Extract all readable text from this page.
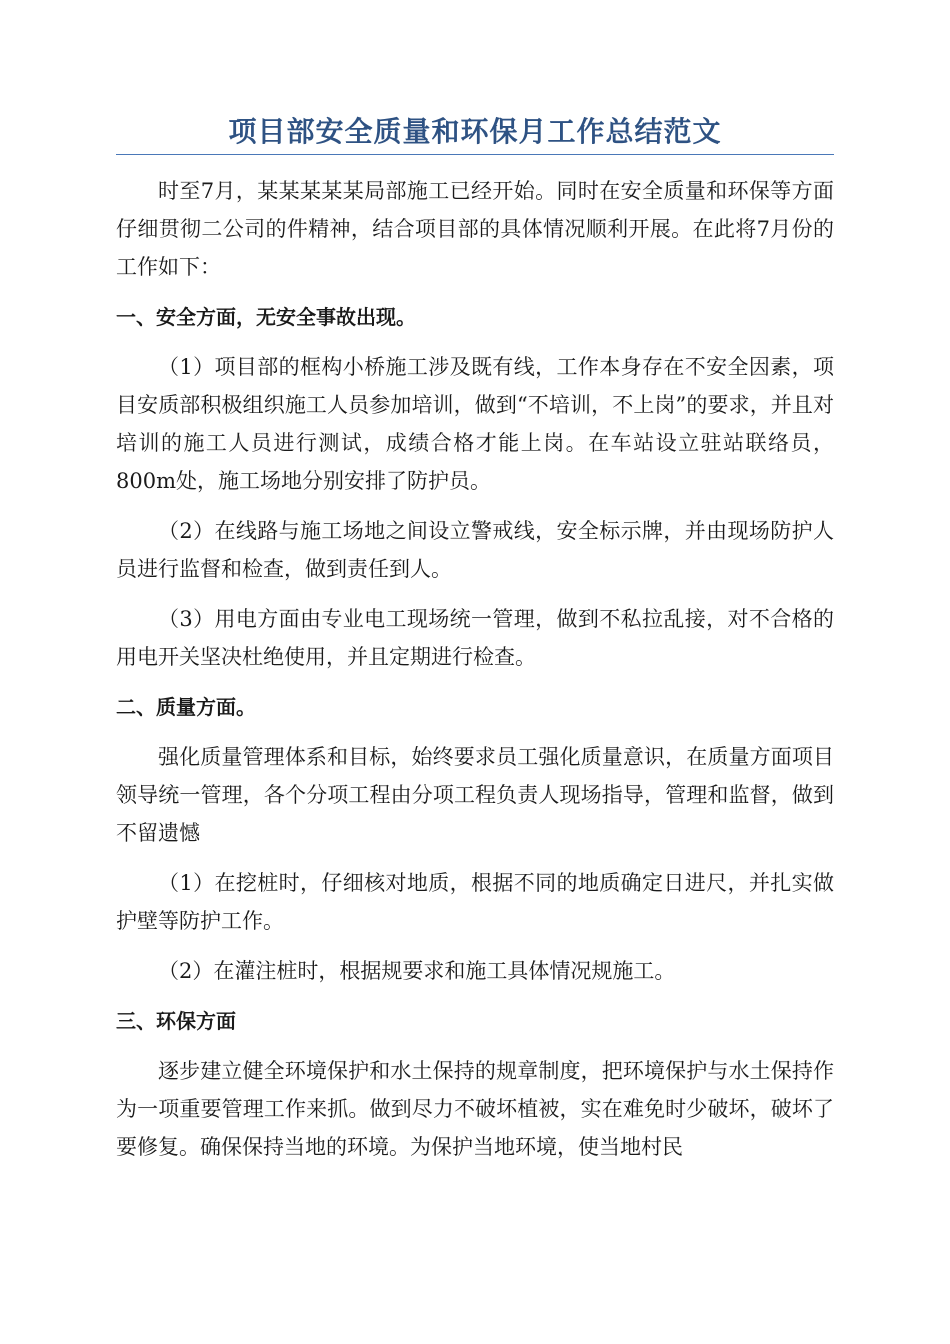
项目部安全质量和环保月工作总结范文

时至7月，某某某某某局部施工已经开始。同时在安全质量和环保等方面仔细贯彻二公司的件精神，结合项目部的具体情况顺利开展。在此将7月份的工作如下：

一、安全方面，无安全事故出现。

（1）项目部的框构小桥施工涉及既有线，工作本身存在不安全因素，项目安质部积极组织施工人员参加培训，做到“不培训，不上岗”的要求，并且对培训的施工人员进行测试，成绩合格才能上岗。在车站设立驻站联络员，800m处，施工场地分别安排了防护员。

（2）在线路与施工场地之间设立警戒线，安全标示牌，并由现场防护人员进行监督和检查，做到责任到人。

（3）用电方面由专业电工现场统一管理，做到不私拉乱接，对不合格的用电开关坚决杜绝使用，并且定期进行检查。

二、质量方面。

强化质量管理体系和目标，始终要求员工强化质量意识，在质量方面项目领导统一管理，各个分项工程由分项工程负责人现场指导，管理和监督，做到不留遗憾

（1）在挖桩时，仔细核对地质，根据不同的地质确定日进尺，并扎实做护壁等防护工作。

（2）在灌注桩时，根据规要求和施工具体情况规施工。

三、环保方面

逐步建立健全环境保护和水土保持的规章制度，把环境保护与水土保持作为一项重要管理工作来抓。做到尽力不破坏植被，实在难免时少破坏，破坏了要修复。确保保持当地的环境。为保护当地环境，使当地村民
